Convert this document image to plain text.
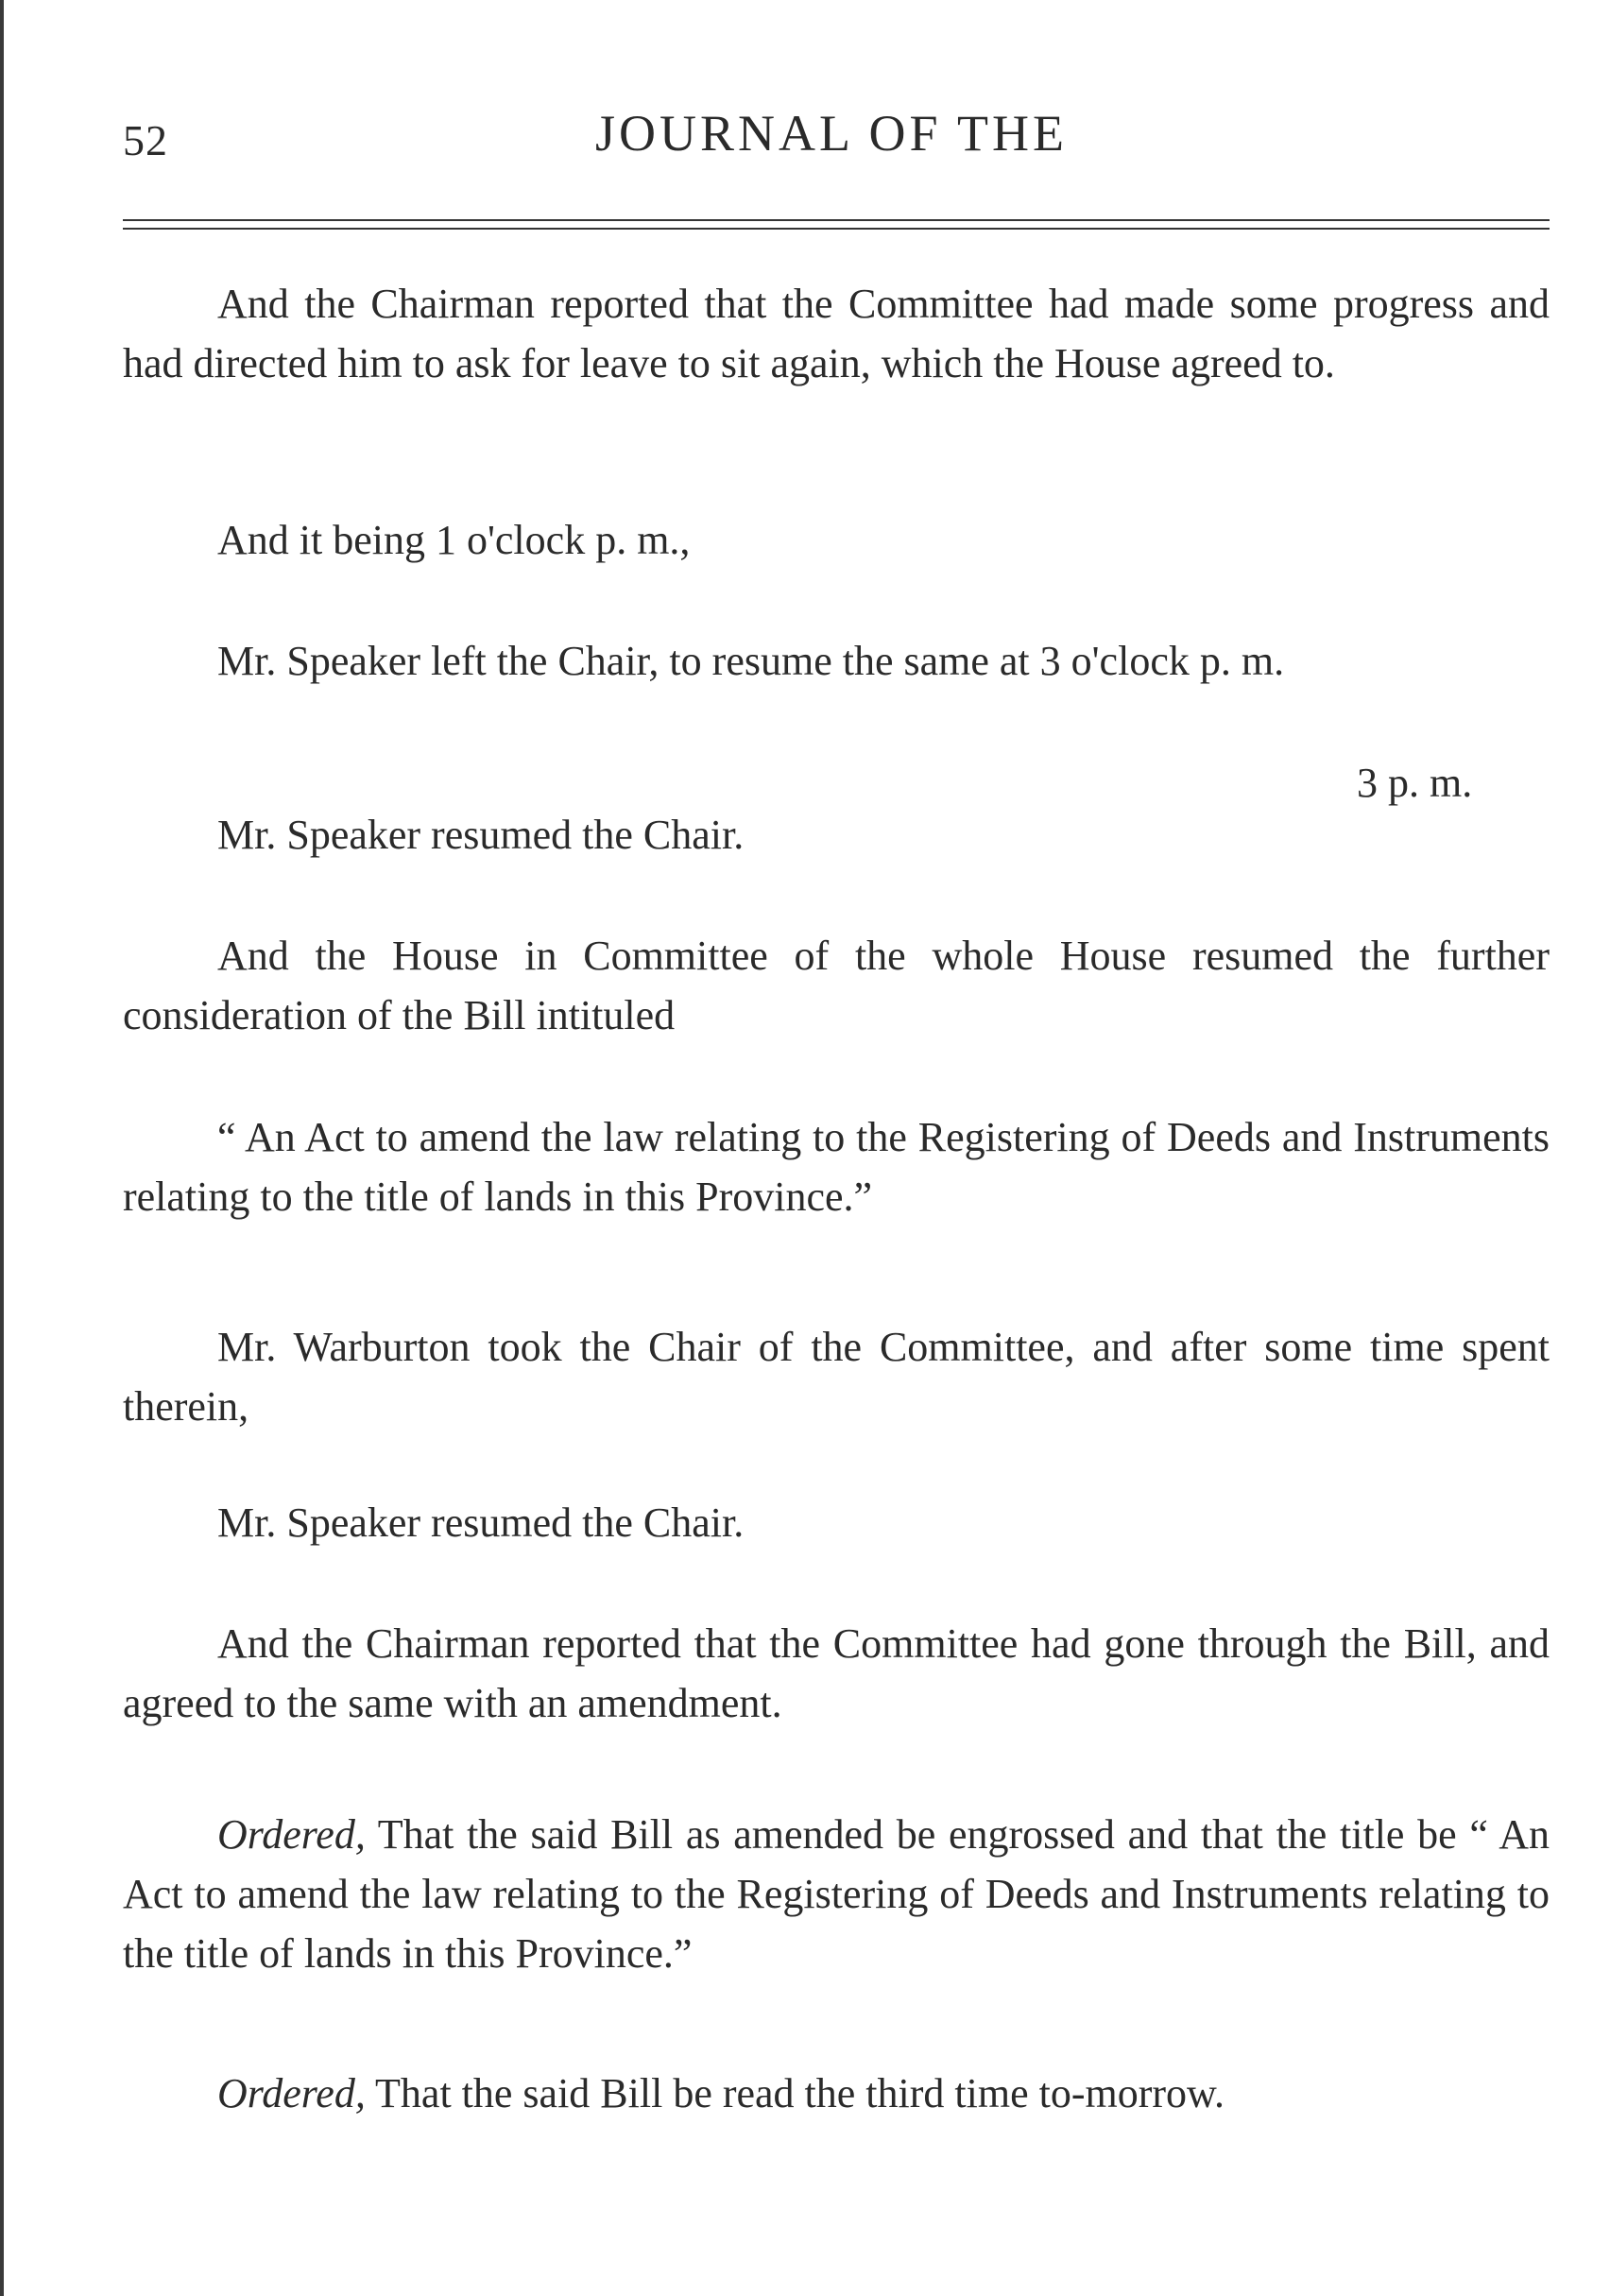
52	JOURNAL OF THE

And the Chairman reported that the Committee had made some progress and had directed him to ask for leave to sit again, which the House agreed to.

And it being 1 o'clock p. m.,

Mr. Speaker left the Chair, to resume the same at 3 o'clock p. m.

3 p. m.

Mr. Speaker resumed the Chair.

And the House in Committee of the whole House resumed the further consideration of the Bill intituled

“ An Act to amend the law relating to the Registering of Deeds and Instruments relating to the title of lands in this Province.”

Mr. Warburton took the Chair of the Committee, and after some time spent therein,

Mr. Speaker resumed the Chair.

And the Chairman reported that the Committee had gone through the Bill, and agreed to the same with an amendment.

Ordered, That the said Bill as amended be engrossed and that the title be “ An Act to amend the law relating to the Registering of Deeds and Instruments relating to the title of lands in this Province.”

Ordered, That the said Bill be read the third time to-morrow.
